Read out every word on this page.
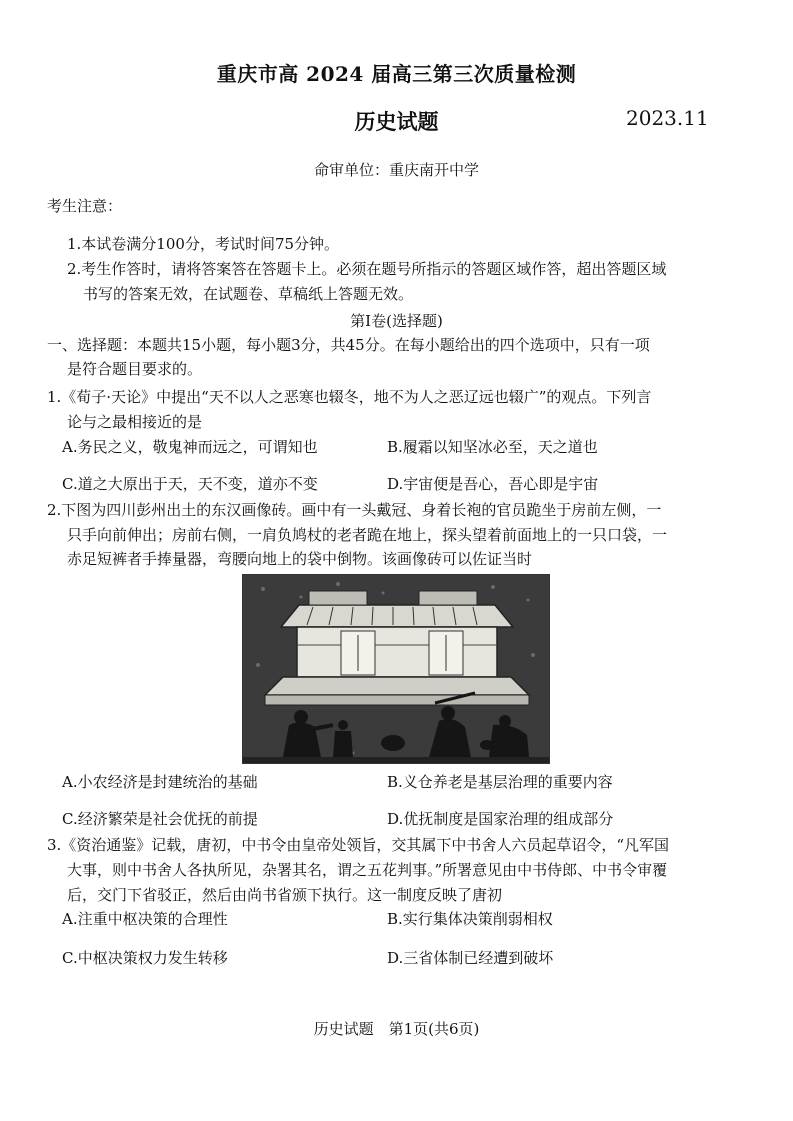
重庆市高 2024 届高三第三次质量检测
历史试题	2023.11
命审单位：重庆南开中学
考生注意：
1.本试卷满分100分，考试时间75分钟。
2.考生作答时，请将答案答在答题卡上。必须在题号所指示的答题区域作答，超出答题区域
书写的答案无效，在试题卷、草稿纸上答题无效。
第Ⅰ卷(选择题)
一、选择题：本题共15小题，每小题3分，共45分。在每小题给出的四个选项中，只有一项
是符合题目要求的。
1.《荀子·天论》中提出“天不以人之恶寒也辍冬，地不为人之恶辽远也辍广”的观点。下列言
论与之最相接近的是
A.务民之义，敬鬼神而远之，可谓知也	B.履霜以知坚冰必至，天之道也
C.道之大原出于天，天不变，道亦不变	D.宇宙便是吾心，吾心即是宇宙
2.下图为四川彭州出土的东汉画像砖。画中有一头戴冠、身着长袍的官员跪坐于房前左侧，一
只手向前伸出；房前右侧，一肩负鸠杖的老者跪在地上，探头望着前面地上的一只口袋，一
赤足短裤者手捧量器，弯腰向地上的袋中倒物。该画像砖可以佐证当时
A.小农经济是封建统治的基础	B.义仓养老是基层治理的重要内容
C.经济繁荣是社会优抚的前提	D.优抚制度是国家治理的组成部分
3.《资治通鉴》记载，唐初，中书令由皇帝处领旨，交其属下中书舍人六员起草诏令，“凡军国
大事，则中书舍人各执所见，杂署其名，谓之五花判事。”所署意见由中书侍郎、中书令审覆
后，交门下省驳正，然后由尚书省颁下执行。这一制度反映了唐初
A.注重中枢决策的合理性	B.实行集体决策削弱相权
C.中枢决策权力发生转移	D.三省体制已经遭到破坏
历史试题　第1页(共6页)
